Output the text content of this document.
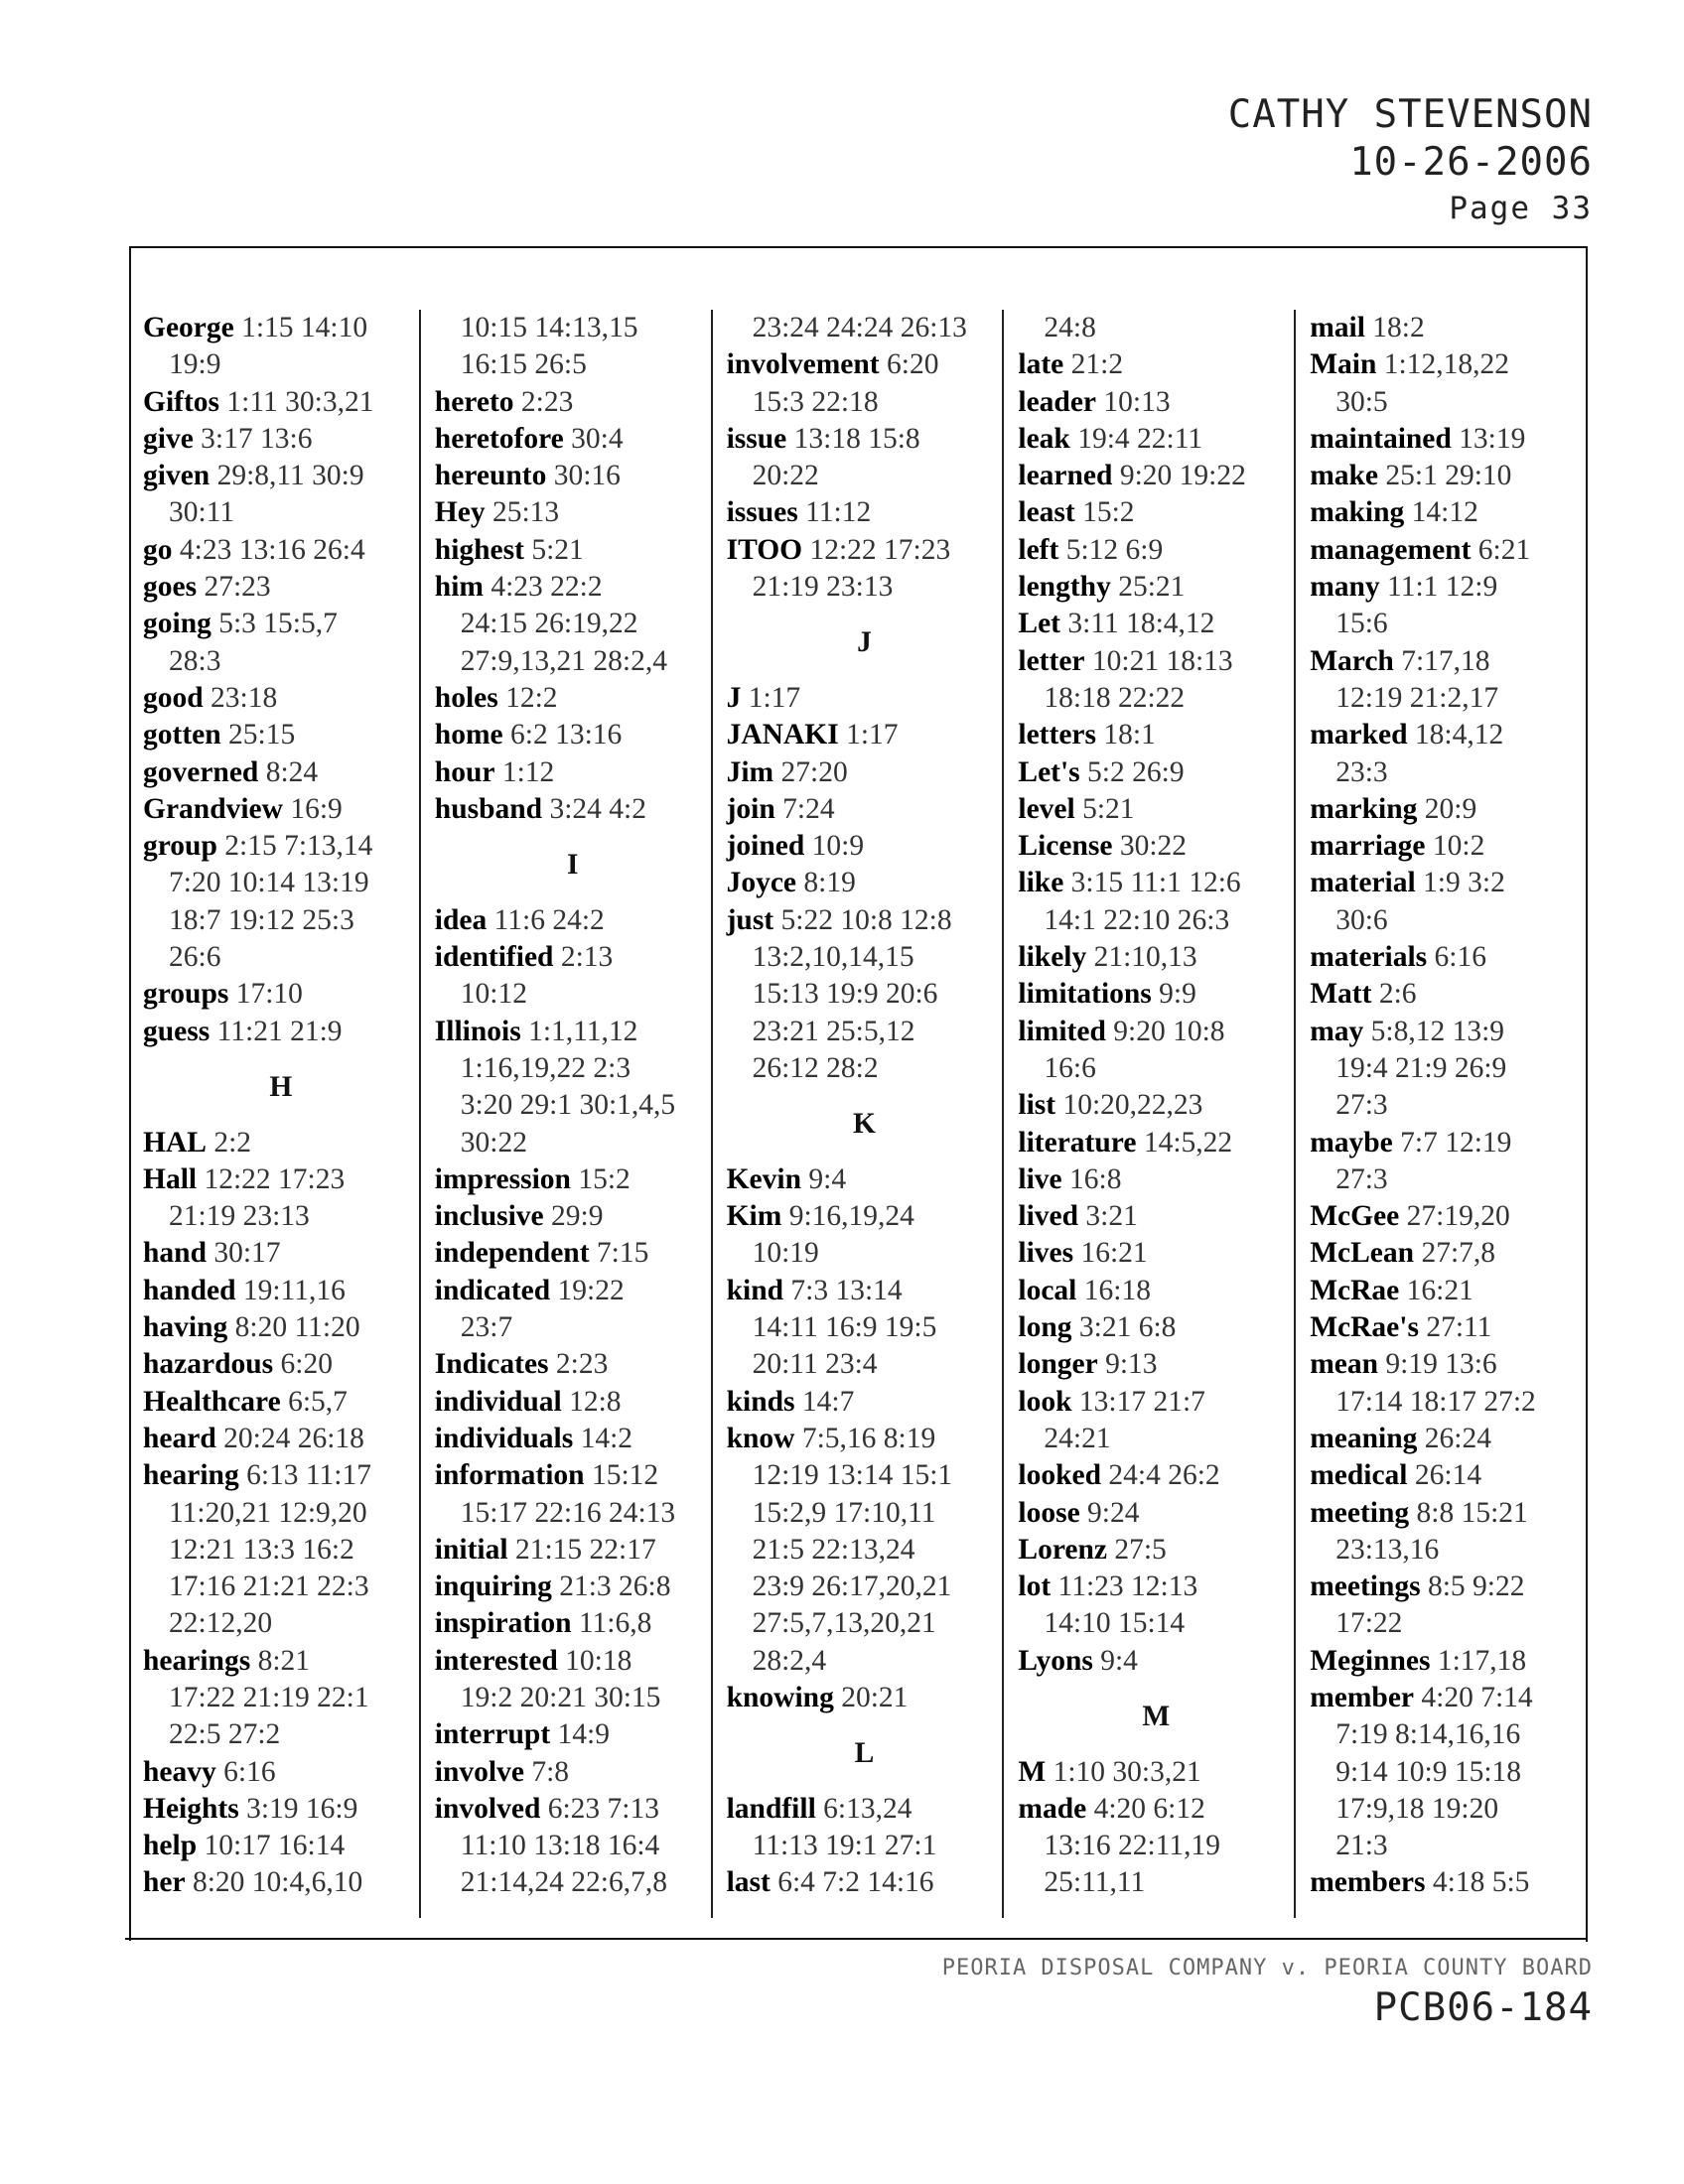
CATHY STEVENSON
10-26-2006
Page 33
George 1:15 14:10
19:9
Giftos 1:11 30:3,21
give 3:17 13:6
given 29:8,11 30:9
30:11
go 4:23 13:16 26:4
goes 27:23
going 5:3 15:5,7
28:3
good 23:18
gotten 25:15
governed 8:24
Grandview 16:9
group 2:15 7:13,14
7:20 10:14 13:19
18:7 19:12 25:3
26:6
groups 17:10
guess 11:21 21:9
H
HAL 2:2
Hall 12:22 17:23
21:19 23:13
hand 30:17
handed 19:11,16
having 8:20 11:20
hazardous 6:20
Healthcare 6:5,7
heard 20:24 26:18
hearing 6:13 11:17
11:20,21 12:9,20
12:21 13:3 16:2
17:16 21:21 22:3
22:12,20
hearings 8:21
17:22 21:19 22:1
22:5 27:2
heavy 6:16
Heights 3:19 16:9
help 10:17 16:14
her 8:20 10:4,6,10
10:15 14:13,15
16:15 26:5
hereto 2:23
heretofore 30:4
hereunto 30:16
Hey 25:13
highest 5:21
him 4:23 22:2
24:15 26:19,22
27:9,13,21 28:2,4
holes 12:2
home 6:2 13:16
hour 1:12
husband 3:24 4:2
I
idea 11:6 24:2
identified 2:13
10:12
Illinois 1:1,11,12
1:16,19,22 2:3
3:20 29:1 30:1,4,5
30:22
impression 15:2
inclusive 29:9
independent 7:15
indicated 19:22
23:7
Indicates 2:23
individual 12:8
individuals 14:2
information 15:12
15:17 22:16 24:13
initial 21:15 22:17
inquiring 21:3 26:8
inspiration 11:6,8
interested 10:18
19:2 20:21 30:15
interrupt 14:9
involve 7:8
involved 6:23 7:13
11:10 13:18 16:4
21:14,24 22:6,7,8
23:24 24:24 26:13
involvement 6:20
15:3 22:18
issue 13:18 15:8
20:22
issues 11:12
ITOO 12:22 17:23
21:19 23:13
J
J 1:17
JANAKI 1:17
Jim 27:20
join 7:24
joined 10:9
Joyce 8:19
just 5:22 10:8 12:8
13:2,10,14,15
15:13 19:9 20:6
23:21 25:5,12
26:12 28:2
K
Kevin 9:4
Kim 9:16,19,24
10:19
kind 7:3 13:14
14:11 16:9 19:5
20:11 23:4
kinds 14:7
know 7:5,16 8:19
12:19 13:14 15:1
15:2,9 17:10,11
21:5 22:13,24
23:9 26:17,20,21
27:5,7,13,20,21
28:2,4
knowing 20:21
L
landfill 6:13,24
11:13 19:1 27:1
last 6:4 7:2 14:16
24:8
late 21:2
leader 10:13
leak 19:4 22:11
learned 9:20 19:22
least 15:2
left 5:12 6:9
lengthy 25:21
Let 3:11 18:4,12
letter 10:21 18:13
18:18 22:22
letters 18:1
Let's 5:2 26:9
level 5:21
License 30:22
like 3:15 11:1 12:6
14:1 22:10 26:3
likely 21:10,13
limitations 9:9
limited 9:20 10:8
16:6
list 10:20,22,23
literature 14:5,22
live 16:8
lived 3:21
lives 16:21
local 16:18
long 3:21 6:8
longer 9:13
look 13:17 21:7
24:21
looked 24:4 26:2
loose 9:24
Lorenz 27:5
lot 11:23 12:13
14:10 15:14
Lyons 9:4
M
M 1:10 30:3,21
made 4:20 6:12
13:16 22:11,19
25:11,11
mail 18:2
Main 1:12,18,22
30:5
maintained 13:19
make 25:1 29:10
making 14:12
management 6:21
many 11:1 12:9
15:6
March 7:17,18
12:19 21:2,17
marked 18:4,12
23:3
marking 20:9
marriage 10:2
material 1:9 3:2
30:6
materials 6:16
Matt 2:6
may 5:8,12 13:9
19:4 21:9 26:9
27:3
maybe 7:7 12:19
27:3
McGee 27:19,20
McLean 27:7,8
McRae 16:21
McRae's 27:11
mean 9:19 13:6
17:14 18:17 27:2
meaning 26:24
medical 26:14
meeting 8:8 15:21
23:13,16
meetings 8:5 9:22
17:22
Meginnes 1:17,18
member 4:20 7:14
7:19 8:14,16,16
9:14 10:9 15:18
17:9,18 19:20
21:3
members 4:18 5:5
PEORIA DISPOSAL COMPANY v. PEORIA COUNTY BOARD
PCB06-184
